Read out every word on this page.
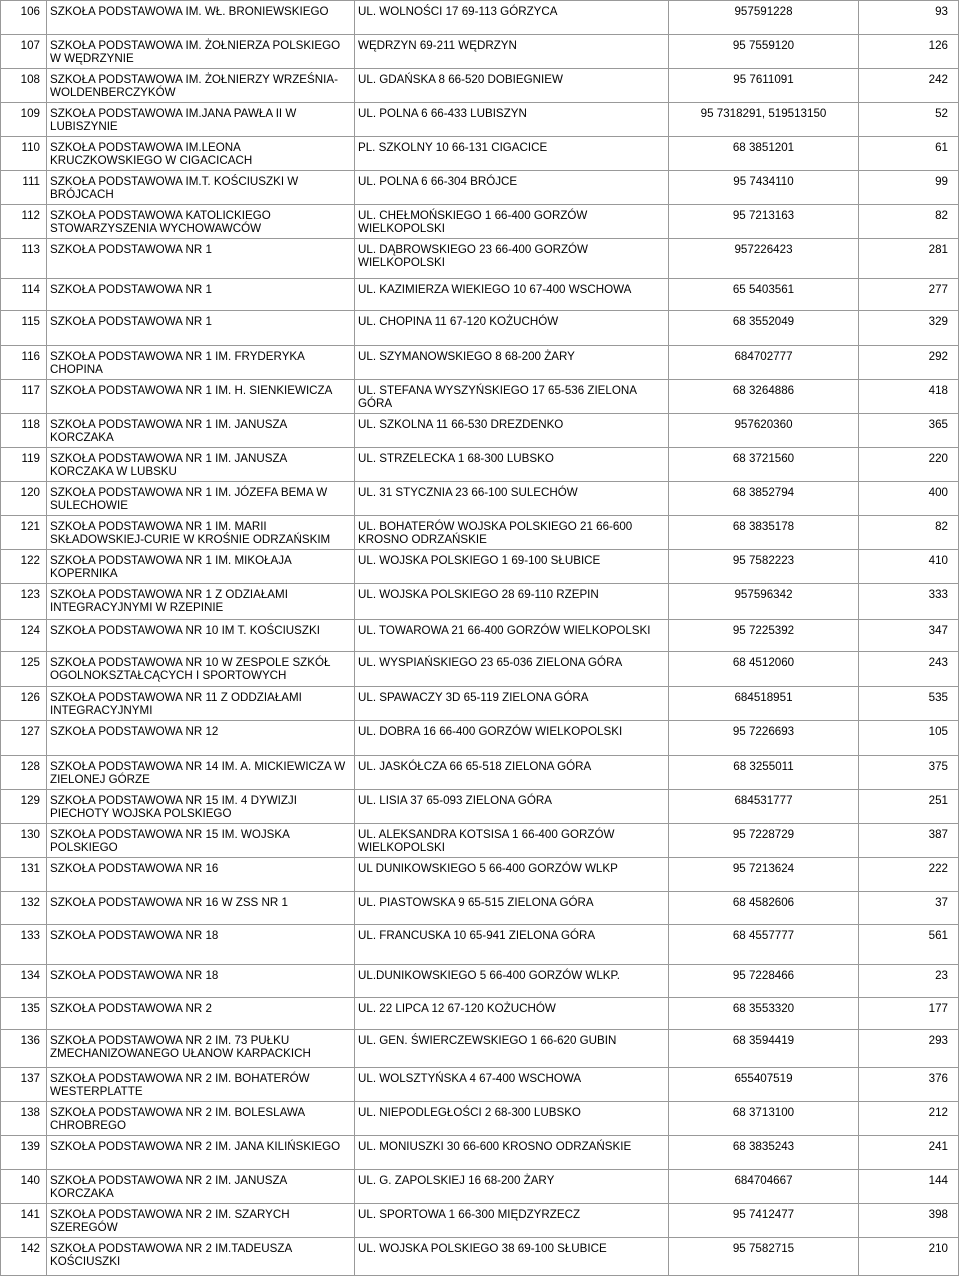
106	SZKOŁA PODSTAWOWA IM. WŁ. BRONIEWSKIEGO	UL. WOLNOŚCI 17 69-113 GÓRZYCA	957591228	93
107	SZKOŁA PODSTAWOWA IM. ŻOŁNIERZA POLSKIEGO W WĘDRZYNIE	WĘDRZYN 69-211 WĘDRZYN	95 7559120	126
108	SZKOŁA PODSTAWOWA IM. ŻOŁNIERZY WRZEŚNIA- WOLDENBERCZYKÓW	UL. GDAŃSKA 8 66-520 DOBIEGNIEW	95 7611091	242
109	SZKOŁA PODSTAWOWA IM.JANA PAWŁA II W LUBISZYNIE	UL. POLNA 6 66-433 LUBISZYN	95 7318291, 519513150	52
110	SZKOŁA PODSTAWOWA IM.LEONA KRUCZKOWSKIEGO W CIGACICACH	PL. SZKOLNY 10 66-131 CIGACICE	68 3851201	61
111	SZKOŁA PODSTAWOWA IM.T. KOŚCIUSZKI W BRÓJCACH	UL. POLNA 6 66-304 BRÓJCE	95 7434110	99
112	SZKOŁA PODSTAWOWA KATOLICKIEGO STOWARZYSZENIA WYCHOWAWCÓW	UL. CHEŁMOŃSKIEGO 1 66-400 GORZÓW WIELKOPOLSKI	95 7213163	82
113	SZKOŁA PODSTAWOWA NR 1	UL. DĄBROWSKIEGO 23 66-400 GORZÓW WIELKOPOLSKI	957226423	281
114	SZKOŁA PODSTAWOWA NR 1	UL. KAZIMIERZA WIEKIEGO 10 67-400 WSCHOWA	65 5403561	277
115	SZKOŁA PODSTAWOWA NR 1	UL. CHOPINA 11 67-120 KOŻUCHÓW	68 3552049	329
116	SZKOŁA PODSTAWOWA NR 1 IM. FRYDERYKA CHOPINA	UL. SZYMANOWSKIEGO 8 68-200 ŻARY	684702777	292
117	SZKOŁA PODSTAWOWA NR 1 IM. H. SIENKIEWICZA	UL. STEFANA WYSZYŃSKIEGO 17 65-536 ZIELONA GÓRA	68 3264886	418
118	SZKOŁA PODSTAWOWA NR 1 IM. JANUSZA KORCZAKA	UL. SZKOLNA 11 66-530 DREZDENKO	957620360	365
119	SZKOŁA PODSTAWOWA NR 1 IM. JANUSZA KORCZAKA W LUBSKU	UL. STRZELECKA 1 68-300 LUBSKO	68 3721560	220
120	SZKOŁA PODSTAWOWA NR 1 IM. JÓZEFA BEMA W SULECHOWIE	UL. 31 STYCZNIA 23 66-100 SULECHÓW	68 3852794	400
121	SZKOŁA PODSTAWOWA NR 1 IM. MARII SKŁADOWSKIEJ-CURIE W KROŚNIE ODRZAŃSKIM	UL. BOHATERÓW WOJSKA POLSKIEGO 21 66-600 KROSNO ODRZAŃSKIE	68 3835178	82
122	SZKOŁA PODSTAWOWA NR 1 IM. MIKOŁAJA KOPERNIKA	UL. WOJSKA POLSKIEGO 1 69-100 SŁUBICE	95 7582223	410
123	SZKOŁA PODSTAWOWA NR 1 Z ODZIAŁAMI INTEGRACYJNYMI W RZEPINIE	UL. WOJSKA POLSKIEGO 28 69-110 RZEPIN	957596342	333
124	SZKOŁA PODSTAWOWA NR 10 IM T. KOŚCIUSZKI	UL. TOWAROWA 21 66-400 GORZÓW WIELKOPOLSKI	95 7225392	347
125	SZKOŁA PODSTAWOWA NR 10 W ZESPOLE SZKÓŁ OGOLNOKSZTAŁCĄCYCH I SPORTOWYCH	UL. WYSPIAŃSKIEGO 23 65-036 ZIELONA GÓRA	68 4512060	243
126	SZKOŁA PODSTAWOWA NR 11 Z ODDZIAŁAMI INTEGRACYJNYMI	UL. SPAWACZY 3D 65-119 ZIELONA GÓRA	684518951	535
127	SZKOŁA PODSTAWOWA NR 12	UL. DOBRA 16 66-400 GORZÓW WIELKOPOLSKI	95 7226693	105
128	SZKOŁA PODSTAWOWA NR 14 IM. A. MICKIEWICZA W ZIELONEJ GÓRZE	UL. JASKÓŁCZA 66 65-518 ZIELONA GÓRA	68 3255011	375
129	SZKOŁA PODSTAWOWA NR 15 IM. 4 DYWIZJI PIECHOTY WOJSKA POLSKIEGO	UL. LISIA 37 65-093 ZIELONA GÓRA	684531777	251
130	SZKOŁA PODSTAWOWA NR 15 IM. WOJSKA POLSKIEGO	UL. ALEKSANDRA KOTSISA 1 66-400 GORZÓW WIELKOPOLSKI	95 7228729	387
131	SZKOŁA PODSTAWOWA NR 16	UL DUNIKOWSKIEGO 5 66-400 GORZÓW WLKP	95 7213624	222
132	SZKOŁA PODSTAWOWA NR 16 W ZSS NR 1	UL. PIASTOWSKA 9 65-515 ZIELONA GÓRA	68 4582606	37
133	SZKOŁA PODSTAWOWA NR 18	UL. FRANCUSKA 10 65-941 ZIELONA GÓRA	68 4557777	561
134	SZKOŁA PODSTAWOWA NR 18	UL.DUNIKOWSKIEGO 5 66-400 GORZÓW WLKP.	95 7228466	23
135	SZKOŁA PODSTAWOWA NR 2	UL. 22 LIPCA 12 67-120 KOŻUCHÓW	68 3553320	177
136	SZKOŁA PODSTAWOWA NR 2 IM. 73 PUŁKU ZMECHANIZOWANEGO UŁANOW KARPACKICH	UL. GEN. ŚWIERCZEWSKIEGO 1 66-620 GUBIN	68 3594419	293
137	SZKOŁA PODSTAWOWA NR 2 IM. BOHATERÓW WESTERPLATTE	UL. WOLSZTYŃSKA 4 67-400 WSCHOWA	655407519	376
138	SZKOŁA PODSTAWOWA NR 2 IM. BOLESLAWA CHROBREGO	UL. NIEPODLEGŁOŚCI 2 68-300 LUBSKO	68 3713100	212
139	SZKOŁA PODSTAWOWA NR 2 IM. JANA KILIŃSKIEGO	UL. MONIUSZKI 30 66-600 KROSNO ODRZAŃSKIE	68 3835243	241
140	SZKOŁA PODSTAWOWA NR 2 IM. JANUSZA KORCZAKA	UL. G. ZAPOLSKIEJ 16 68-200 ŻARY	684704667	144
141	SZKOŁA PODSTAWOWA NR 2 IM. SZARYCH SZEREGÓW	UL. SPORTOWA 1 66-300 MIĘDZYRZECZ	95 7412477	398
142	SZKOŁA PODSTAWOWA NR 2 IM.TADEUSZA KOŚCIUSZKI	UL. WOJSKA POLSKIEGO 38 69-100 SŁUBICE	95 7582715	210
